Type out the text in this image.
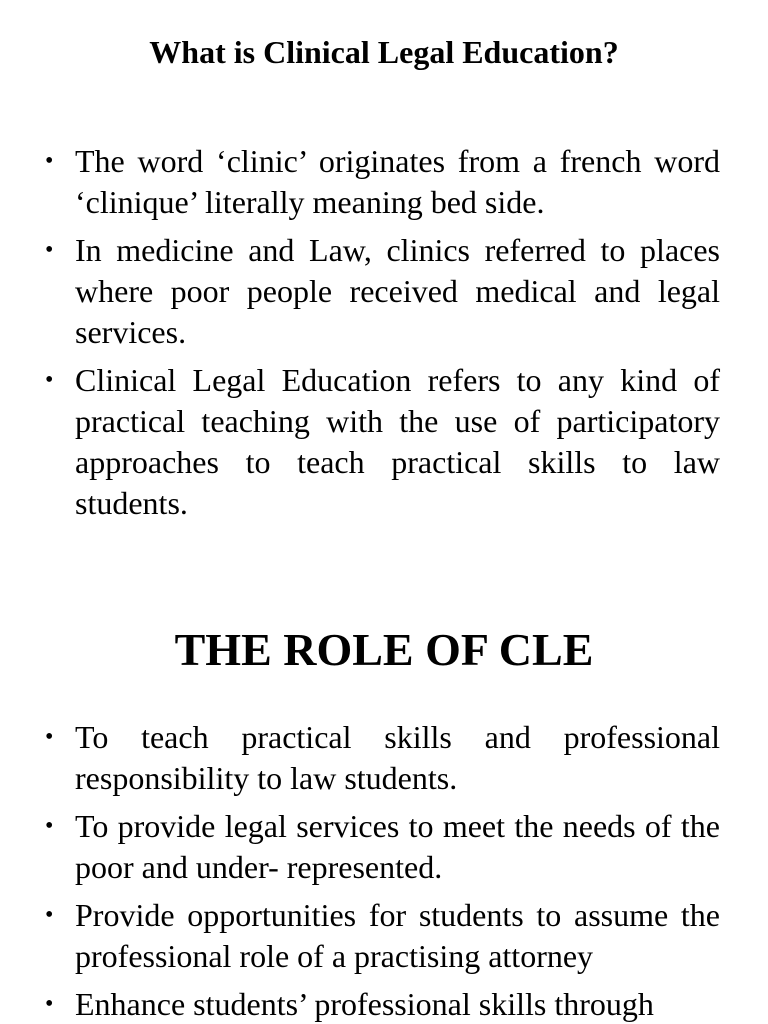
What is Clinical Legal Education?
• The word ‘clinic’ originates from a french word ‘clinique’ literally meaning bed side.
• In medicine and Law, clinics referred to places where poor people received medical and legal services.
• Clinical Legal Education refers to any kind of practical teaching with the use of participatory approaches to teach practical skills to law students.
THE ROLE OF CLE
• To teach practical skills and professional responsibility to law students.
• To provide legal services to meet the needs of the poor and under- represented.
• Provide opportunities for students to assume the professional role of a practising attorney
• Enhance students’ professional skills through
